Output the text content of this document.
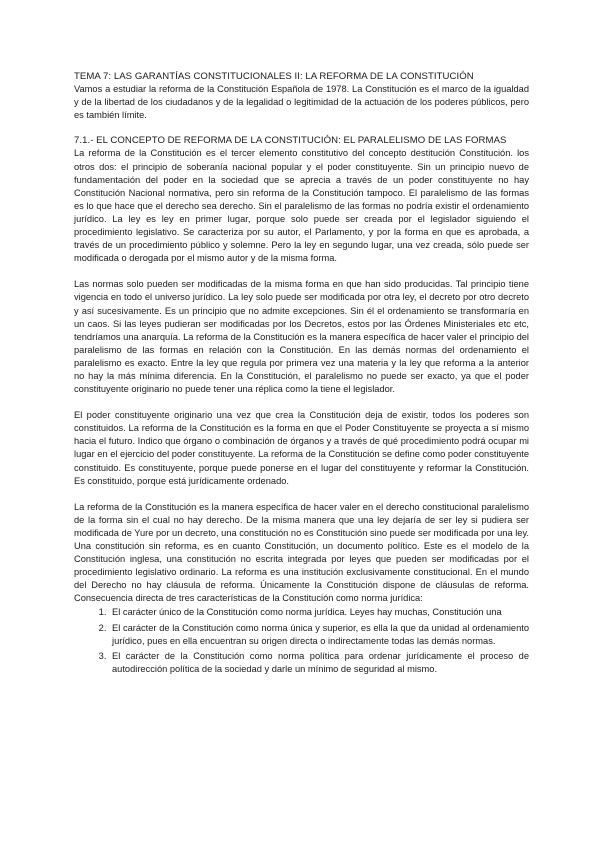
TEMA 7: LAS GARANTÍAS CONSTITUCIONALES II: LA REFORMA DE LA CONSTITUCIÓN

Vamos a estudiar la reforma de la Constitución Española de 1978. La Constitución es el marco de la igualdad y de la libertad de los ciudadanos y de la legalidad o legitimidad de la actuación de los poderes públicos, pero es también límite.

7.1.- EL CONCEPTO DE REFORMA DE LA CONSTITUCIÓN: EL PARALELISMO DE LAS FORMAS

La reforma de la Constitución es el tercer elemento constitutivo del concepto destitución Constitución. los otros dos: el principio de soberanía nacional popular y el poder constituyente. Sin un principio nuevo de fundamentación del poder en la sociedad que se aprecia a través de un poder constituyente no hay Constitución Nacional normativa, pero sin reforma de la Constitución tampoco. El paralelismo de las formas es lo que hace que el derecho sea derecho. Sin el paralelismo de las formas no podría existir el ordenamiento jurídico. La ley es ley en primer lugar, porque solo puede ser creada por el legislador siguiendo el procedimiento legislativo. Se caracteriza por su autor, el Parlamento, y por la forma en que es aprobada, a través de un procedimiento público y solemne. Pero la ley en segundo lugar, una vez creada, sólo puede ser modificada o derogada por el mismo autor y de la misma forma.

Las normas solo pueden ser modificadas de la misma forma en que han sido producidas. Tal principio tiene vigencia en todo el universo jurídico. La ley solo puede ser modificada por otra ley, el decreto por otro decreto y así sucesivamente. Es un principio que no admite excepciones. Sin él el ordenamiento se transformaría en un caos. Si las leyes pudieran ser modificadas por los Decretos, estos por las Órdenes Ministeriales etc etc, tendríamos una anarquía. La reforma de la Constitución es la manera específica de hacer valer el principio del paralelismo de las formas en relación con la Constitución. En las demás normas del ordenamiento el paralelismo es exacto. Entre la ley que regula por primera vez una materia y la ley que reforma a la anterior no hay la más mínima diferencia. En la Constitución, el paralelismo no puede ser exacto, ya que el poder constituyente originario no puede tener una réplica como la tiene el legislador.

El poder constituyente originario una vez que crea la Constitución deja de existir, todos los poderes son constituidos. La reforma de la Constitución es la forma en que el Poder Constituyente se proyecta a sí mismo hacia el futuro. Indico que órgano o combinación de órganos y a través de qué procedimiento podrá ocupar mi lugar en el ejercicio del poder constituyente. La reforma de la Constitución se define como poder constituyente constituido. Es constituyente, porque puede ponerse en el lugar del constituyente y reformar la Constitución. Es constituido, porque está jurídicamente ordenado.

La reforma de la Constitución es la manera específica de hacer valer en el derecho constitucional paralelismo de la forma sin el cual no hay derecho. De la misma manera que una ley dejaría de ser ley si pudiera ser modificada de Yure por un decreto, una constitución no es Constitución sino puede ser modificada por una ley. Una constitución sin reforma, es en cuanto Constitución, un documento político. Este es el modelo de la Constitución inglesa, una constitución no escrita integrada por leyes que pueden ser modificadas por el procedimiento legislativo ordinario. La reforma es una institución exclusivamente constitucional. En el mundo del Derecho no hay cláusula de reforma. Únicamente la Constitución dispone de cláusulas de reforma. Consecuencia directa de tres características de la Constitución como norma jurídica:

1. El carácter único de la Constitución como norma jurídica. Leyes hay muchas, Constitución una
2. El carácter de la Constitución como norma única y superior, es ella la que da unidad al ordenamiento jurídico, pues en ella encuentran su origen directa o indirectamente todas las demás normas.
3. El carácter de la Constitución como norma política para ordenar jurídicamente el proceso de autodirección política de la sociedad y darle un mínimo de seguridad al mismo.
